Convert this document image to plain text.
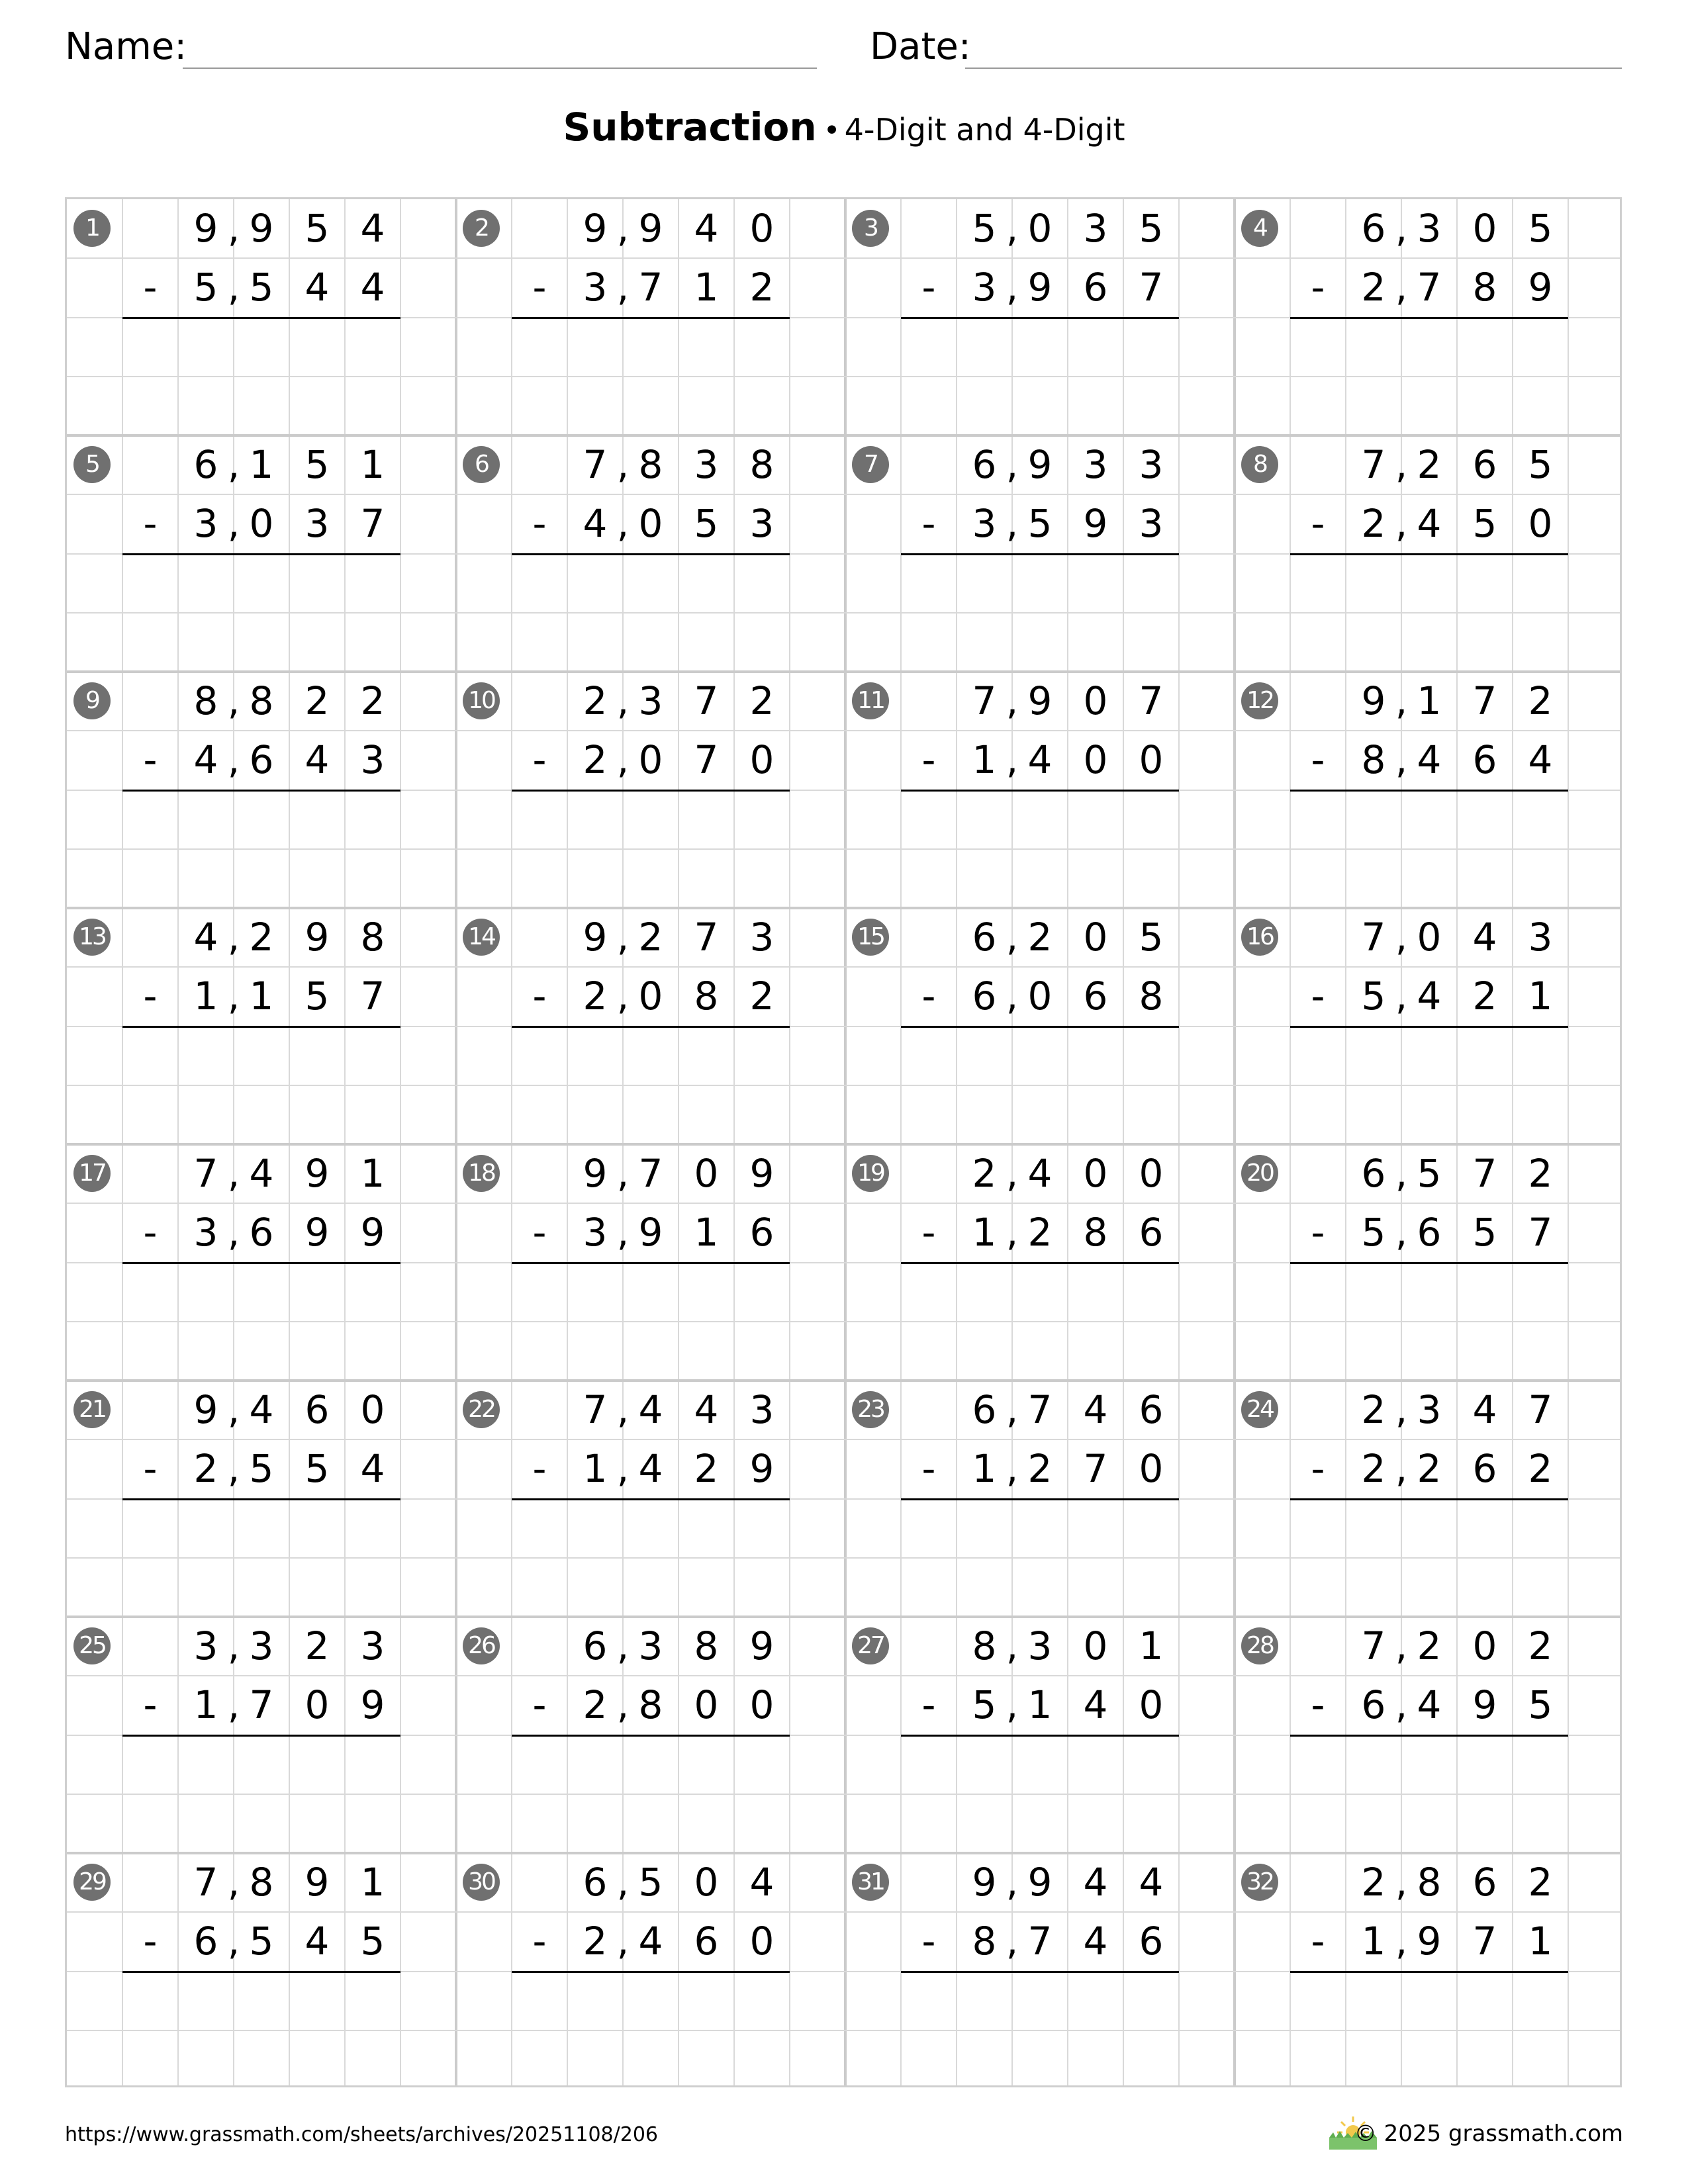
Name:	Date:
Subtraction • 4-Digit and 4-Digit
1	9 9 5 4
,
- 5 5 4 4
,
2	9 9 4 0
,
- 3 7 1 2
,
3	5 0 3 5
,
- 3 9 6 7
,
4	6 3 0 5
,
- 2 7 8 9
,
5	6 1 5 1
,
- 3 0 3 7
,
6	7 8 3 8
,
- 4 0 5 3
,
7	6 9 3 3
,
- 3 5 9 3
,
8	7 2 6 5
,
- 2 4 5 0
,
9	8 8 2 2
,
- 4 6 4 3
,
10	2 3 7 2
,
- 2 0 7 0
,
11	7 9 0 7
,
- 1 4 0 0
,
12	9 1 7 2
,
- 8 4 6 4
,
13	4 2 9 8
,
- 1 1 5 7
,
14	9 2 7 3
,
- 2 0 8 2
,
15	6 2 0 5
,
- 6 0 6 8
,
16	7 0 4 3
,
- 5 4 2 1
,
17	7 4 9 1
,
- 3 6 9 9
,
18	9 7 0 9
,
- 3 9 1 6
,
19	2 4 0 0
,
- 1 2 8 6
,
20	6 5 7 2
,
- 5 6 5 7
,
21	9 4 6 0
,
- 2 5 5 4
,
22	7 4 4 3
,
- 1 4 2 9
,
23	6 7 4 6
,
- 1 2 7 0
,
24	2 3 4 7
,
- 2 2 6 2
,
25	3 3 2 3
,
- 1 7 0 9
,
26	6 3 8 9
,
- 2 8 0 0
,
27	8 3 0 1
,
- 5 1 4 0
,
28	7 2 0 2
,
- 6 4 9 5
,
29	7 8 9 1
,
- 6 5 4 5
,
30	6 5 0 4
,
- 2 4 6 0
,
31	9 9 4 4
,
- 8 7 4 6
,
32	2 8 6 2
,
- 1 9 7 1
,
https://www.grassmath.com/sheets/archives/20251108/206	© 2025 grassmath.com
